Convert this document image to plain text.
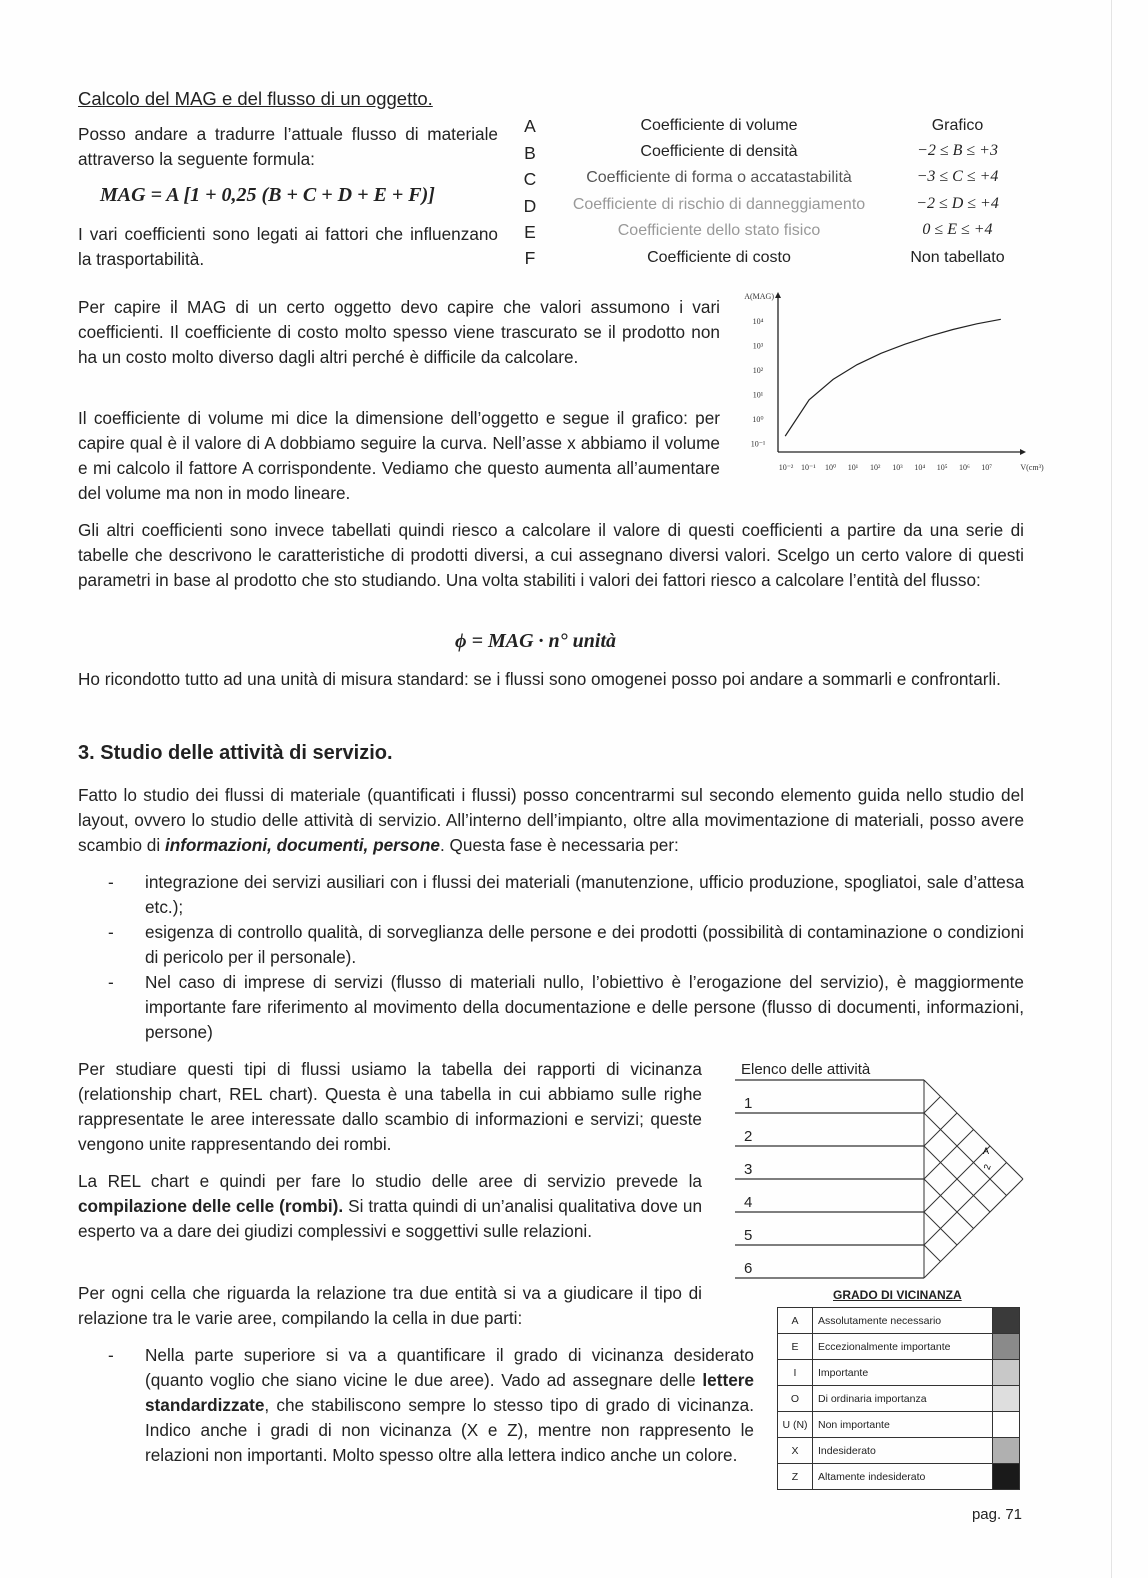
Calcolo del MAG e del flusso di un oggetto.
Posso andare a tradurre l’attuale flusso di materiale attraverso la seguente formula:
MAG = A [1 + 0,25 (B + C + D + E + F)]
I vari coefficienti sono legati ai fattori che influenzano la trasportabilità.
A	Coefficiente di volume	Grafico
B	Coefficiente di densità	−2 ≤ B ≤ +3
C	Coefficiente di forma o accatastabilità	−3 ≤ C ≤ +4
D	Coefficiente di rischio di danneggiamento	−2 ≤ D ≤ +4
E	Coefficiente dello stato fisico	0 ≤ E ≤ +4
F	Coefficiente di costo	Non tabellato
Per capire il MAG di un certo oggetto devo capire che valori assumono i vari coefficienti. Il coefficiente di costo molto spesso viene trascurato se il prodotto non ha un costo molto diverso dagli altri perché è difficile da calcolare.
Il coefficiente di volume mi dice la dimensione dell’oggetto e segue il grafico: per capire qual è il valore di A dobbiamo seguire la curva. Nell’asse x abbiamo il volume e mi calcolo il fattore A corrispondente. Vediamo che questo aumenta all’aumentare del volume ma non in modo lineare.
A(MAG)
V(cm³)
10⁴
10³
10²
10¹
10⁰
10⁻¹
10⁻² 10⁻¹ 10⁰ 10¹ 10² 10³ 10⁴ 10⁵ 10⁶ 10⁷
Gli altri coefficienti sono invece tabellati quindi riesco a calcolare il valore di questi coefficienti a partire da una serie di tabelle che descrivono le caratteristiche di prodotti diversi, a cui assegnano diversi valori. Scelgo un certo valore di questi parametri in base al prodotto che sto studiando. Una volta stabiliti i valori dei fattori riesco a calcolare l’entità del flusso:
ϕ = MAG · n° unità
Ho ricondotto tutto ad una unità di misura standard: se i flussi sono omogenei posso poi andare a sommarli e confrontarli.
3. Studio delle attività di servizio.
Fatto lo studio dei flussi di materiale (quantificati i flussi) posso concentrarmi sul secondo elemento guida nello studio del layout, ovvero lo studio delle attività di servizio. All’interno dell’impianto, oltre alla movimentazione di materiali, posso avere scambio di informazioni, documenti, persone. Questa fase è necessaria per:
- integrazione dei servizi ausiliari con i flussi dei materiali (manutenzione, ufficio produzione, spogliatoi, sale d’attesa etc.);
- esigenza di controllo qualità, di sorveglianza delle persone e dei prodotti (possibilità di contaminazione o condizioni di pericolo per il personale).
- Nel caso di imprese di servizi (flusso di materiali nullo, l’obiettivo è l’erogazione del servizio), è maggiormente importante fare riferimento al movimento della documentazione e delle persone (flusso di documenti, informazioni, persone)
Per studiare questi tipi di flussi usiamo la tabella dei rapporti di vicinanza (relationship chart, REL chart). Questa è una tabella in cui abbiamo sulle righe rappresentate le aree interessate dallo scambio di informazioni e servizi; queste vengono unite rappresentando dei rombi.
La REL chart e quindi per fare lo studio delle aree di servizio prevede la compilazione delle celle (rombi). Si tratta quindi di un’analisi qualitativa dove un esperto va a dare dei giudizi complessivi e soggettivi sulle relazioni.
Per ogni cella che riguarda la relazione tra due entità si va a giudicare il tipo di relazione tra le varie aree, compilando la cella in due parti:
- Nella parte superiore si va a quantificare il grado di vicinanza desiderato (quanto voglio che siano vicine le due aree). Vado ad assegnare delle lettere standardizzate, che stabiliscono sempre lo stesso tipo di grado di vicinanza. Indico anche i gradi di non vicinanza (X e Z), mentre non rappresento le relazioni non importanti. Molto spesso oltre alla lettera indico anche un colore.
Elenco delle attività
1
2
3
4
5
6
A
2
GRADO DI VICINANZA
A	Assolutamente necessario	
E	Eccezionalmente importante	
I	Importante	
O	Di ordinaria importanza	
U (N)	Non importante	
X	Indesiderato	
Z	Altamente indesiderato	
pag. 71
